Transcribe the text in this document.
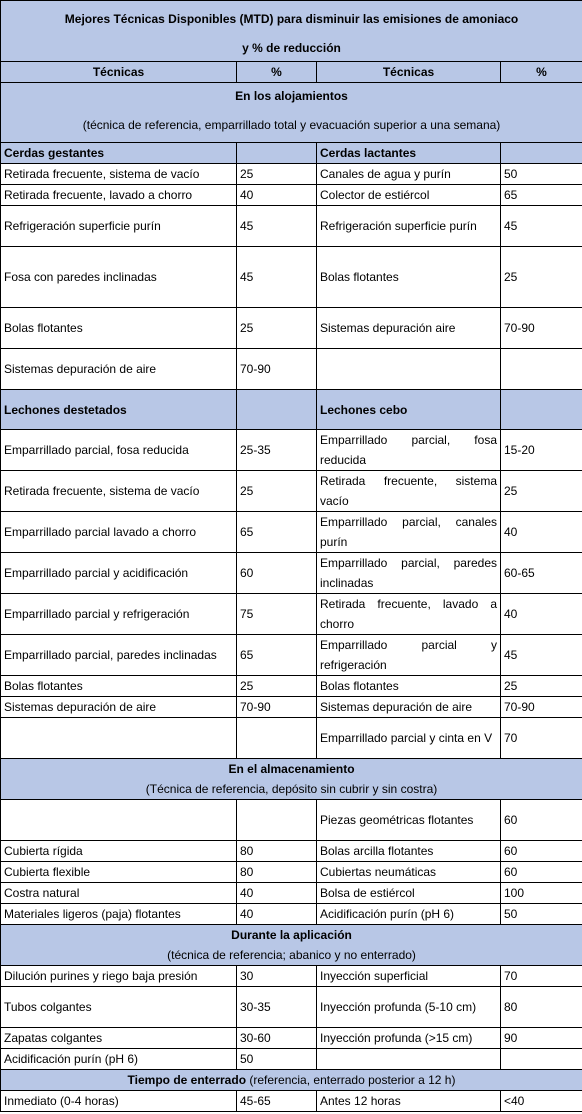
Mejores Técnicas Disponibles (MTD) para disminuir las emisiones de amoniaco
y % de reducción			

Técnicas	%	Técnicas	%

En los alojamientos
(técnica de referencia, emparrillado total y evacuación superior a una semana)			

Cerdas gestantes		Cerdas lactantes	
Retirada frecuente, sistema de vacío	25	Canales de agua y purín	50
Retirada frecuente, lavado a chorro	40	Colector de estiércol	65
Refrigeración superficie purín	45	Refrigeración superficie purín	45
Fosa con paredes inclinadas	45	Bolas flotantes	25
Bolas flotantes	25	Sistemas depuración aire	70-90
Sistemas depuración de aire	70-90		
Lechones destetados		Lechones cebo	
Emparrillado parcial, fosa reducida	25-35	Emparrillado parcial, fosa reducida	15-20
Retirada frecuente, sistema de vacío	25	Retirada frecuente, sistema vacío	25
Emparrillado parcial lavado a chorro	65	Emparrillado parcial, canales purín	40
Emparrillado parcial y acidificación	60	Emparrillado parcial, paredes inclinadas	60-65
Emparrillado parcial y refrigeración	75	Retirada frecuente, lavado a chorro	40
Emparrillado parcial, paredes inclinadas	65	Emparrillado parcial y refrigeración	45
Bolas flotantes	25	Bolas flotantes	25
Sistemas depuración de aire	70-90	Sistemas depuración de aire	70-90
		Emparrillado parcial y cinta en V	70

En el almacenamiento
(Técnica de referencia, depósito sin cubrir y sin costra)			

		Piezas geométricas flotantes	60
Cubierta rígida	80	Bolas arcilla flotantes	60
Cubierta flexible	80	Cubiertas neumáticas	60
Costra natural	40	Bolsa de estiércol	100
Materiales ligeros (paja) flotantes	40	Acidificación purín (pH 6)	50

Durante la aplicación
(técnica de referencia; abanico y no enterrado)			

Dilución purines y riego baja presión	30	Inyección superficial	70
Tubos colgantes	30-35	Inyección profunda (5-10 cm)	80
Zapatas colgantes	30-60	Inyección profunda (>15 cm)	90
Acidificación purín (pH 6)	50		
Tiempo de enterrado (referencia, enterrado posterior a 12 h)			
Inmediato (0-4 horas)	45-65	Antes 12 horas	<40
